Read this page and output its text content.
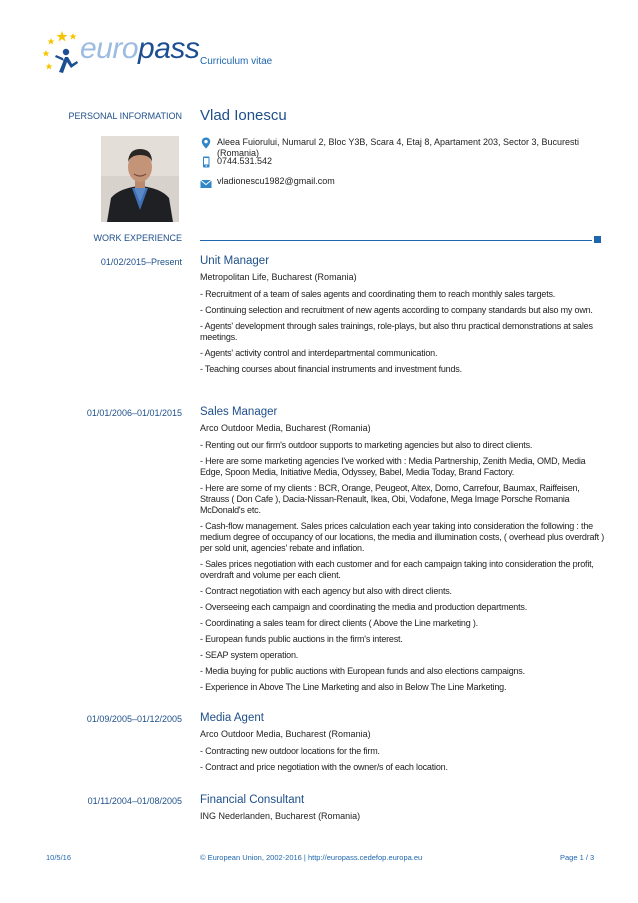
europass Curriculum vitae
PERSONAL INFORMATION Vlad Ionescu
Aleea Fuiorului, Numarul 2, Bloc Y3B, Scara 4, Etaj 8, Apartament 203, Sector 3, Bucuresti (Romania)
0744.531.542
vladionescu1982@gmail.com
WORK EXPERIENCE
01/02/2015–Present Unit Manager
Metropolitan Life, Bucharest (Romania)
- Recruitment of a team of sales agents and coordinating them to reach monthly sales targets.
- Continuing selection and recruitment of new agents according to company standards but also my own.
- Agents' development through sales trainings, role-plays, but also thru practical demonstrations at sales meetings.
- Agents' activity control and interdepartmental communication.
- Teaching courses about financial instruments and investment funds.
01/01/2006–01/01/2015 Sales Manager
Arco Outdoor Media, Bucharest (Romania)
- Renting out our firm's outdoor supports to marketing agencies but also to direct clients.
- Here are some marketing agencies I've worked with : Media Partnership, Zenith Media, OMD, Media Edge, Spoon Media, Initiative Media, Odyssey, Babel, Media Today, Brand Factory.
- Here are some of my clients : BCR, Orange, Peugeot, Altex, Domo, Carrefour, Baumax, Raiffeisen, Strauss ( Don Cafe ), Dacia-Nissan-Renault, Ikea, Obi, Vodafone, Mega Image Porsche Romania McDonald's etc.
- Cash-flow management. Sales prices calculation each year taking into consideration the following : the medium degree of occupancy of our locations, the media and illumination costs, ( overhead plus overdraft ) per sold unit, agencies' rebate and inflation.
- Sales prices negotiation with each customer and for each campaign taking into consideration the profit, overdraft and volume per each client.
- Contract negotiation with each agency but also with direct clients.
- Overseeing each campaign and coordinating the media and production departments.
- Coordinating a sales team for direct clients ( Above the Line marketing ).
- European funds public auctions in the firm's interest.
- SEAP system operation.
- Media buying for public auctions with European funds and also elections campaigns.
- Experience in Above The Line Marketing and also in Below The Line Marketing.
01/09/2005–01/12/2005 Media Agent
Arco Outdoor Media, Bucharest (Romania)
- Contracting new outdoor locations for the firm.
- Contract and price negotiation with the owner/s of each location.
01/11/2004–01/08/2005 Financial Consultant
ING Nederlanden, Bucharest (Romania)
10/5/16	© European Union, 2002-2016 | http://europass.cedefop.europa.eu	Page 1 / 3
